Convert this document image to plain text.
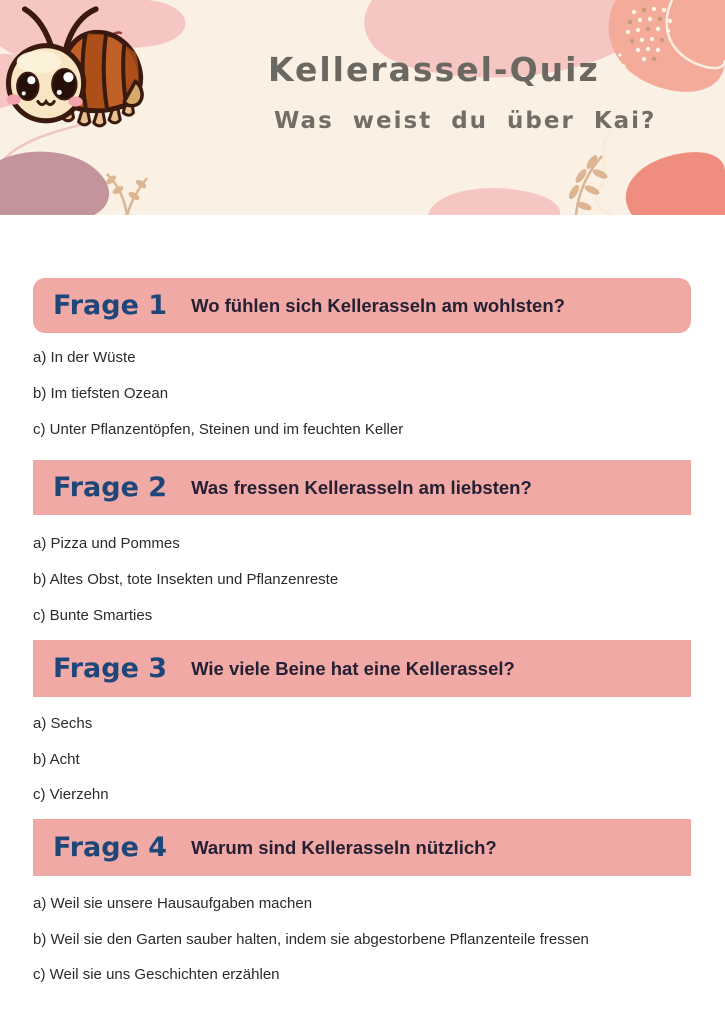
Kellerassel-Quiz
Was weist du über Kai?
Frage 1 Wo fühlen sich Kellerasseln am wohlsten?
a) In der Wüste
b) Im tiefsten Ozean
c) Unter Pflanzentöpfen, Steinen und im feuchten Keller
Frage 2 Was fressen Kellerasseln am liebsten?
a) Pizza und Pommes
b) Altes Obst, tote Insekten und Pflanzenreste
c) Bunte Smarties
Frage 3 Wie viele Beine hat eine Kellerassel?
a) Sechs
b) Acht
c) Vierzehn
Frage 4 Warum sind Kellerasseln nützlich?
a) Weil sie unsere Hausaufgaben machen
b) Weil sie den Garten sauber halten, indem sie abgestorbene Pflanzenteile fressen
c) Weil sie uns Geschichten erzählen
